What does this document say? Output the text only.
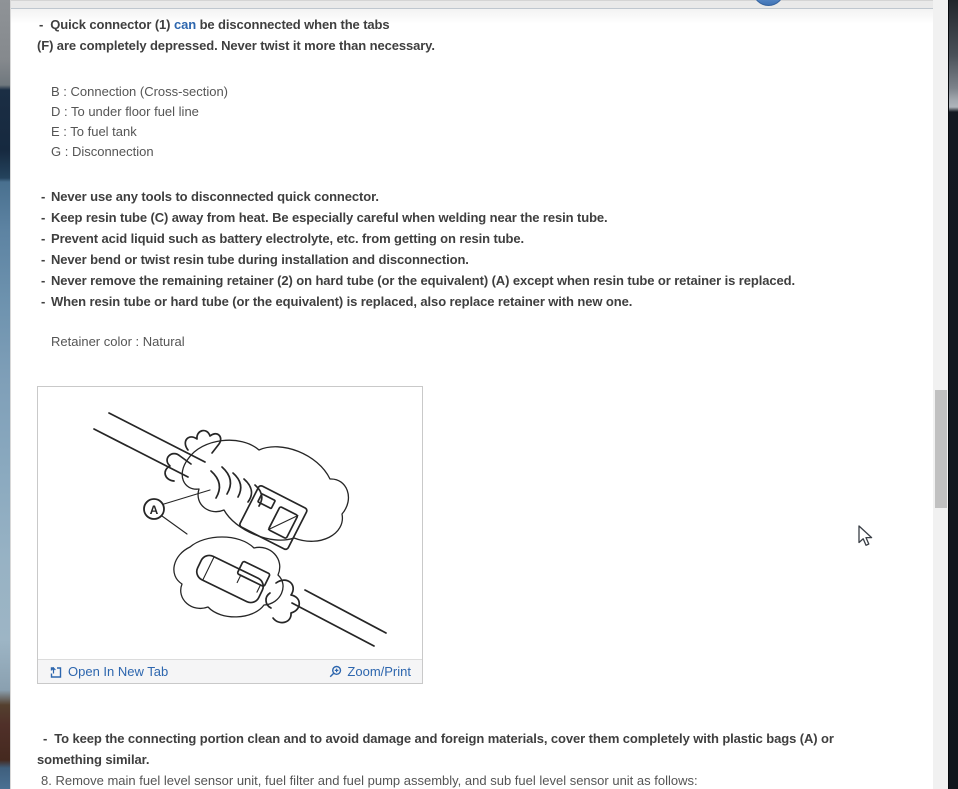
- Quick connector (1) can be disconnected when the tabs
(F) are completely depressed. Never twist it more than necessary.
B : Connection (Cross-section)
D : To under floor fuel line
E : To fuel tank
G : Disconnection
- Never use any tools to disconnected quick connector.
- Keep resin tube (C) away from heat. Be especially careful when welding near the resin tube.
- Prevent acid liquid such as battery electrolyte, etc. from getting on resin tube.
- Never bend or twist resin tube during installation and disconnection.
- Never remove the remaining retainer (2) on hard tube (or the equivalent) (A) except when resin tube or retainer is replaced.
- When resin tube or hard tube (or the equivalent) is replaced, also replace retainer with new one.
Retainer color : Natural
A
Open In New Tab	Zoom/Print
- To keep the connecting portion clean and to avoid damage and foreign materials, cover them completely with plastic bags (A) or
something similar.
8. Remove main fuel level sensor unit, fuel filter and fuel pump assembly, and sub fuel level sensor unit as follows:
